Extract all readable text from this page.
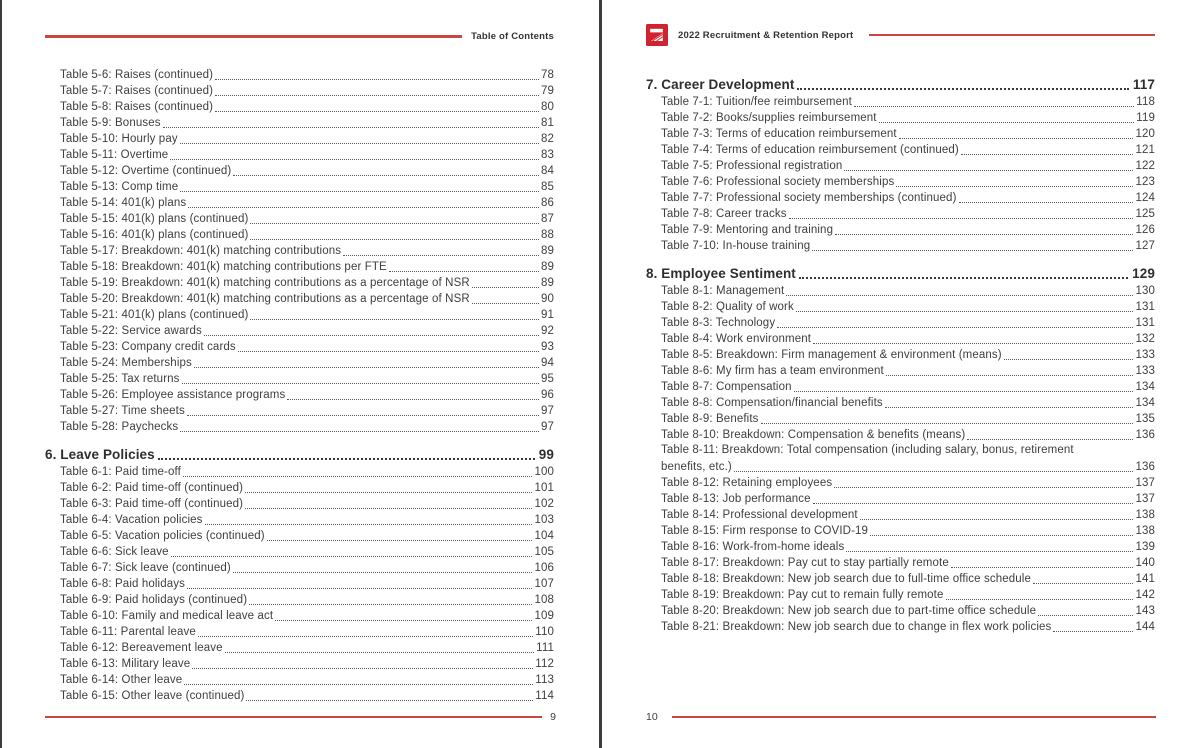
Table of Contents
Table 5-6: Raises (continued)	78
Table 5-7: Raises (continued)	79
Table 5-8: Raises (continued)	80
Table 5-9: Bonuses	81
Table 5-10: Hourly pay	82
Table 5-11: Overtime	83
Table 5-12: Overtime (continued)	84
Table 5-13: Comp time	85
Table 5-14: 401(k) plans	86
Table 5-15: 401(k) plans (continued)	87
Table 5-16: 401(k) plans (continued)	88
Table 5-17: Breakdown: 401(k) matching contributions	89
Table 5-18: Breakdown: 401(k) matching contributions per FTE	89
Table 5-19: Breakdown: 401(k) matching contributions as a percentage of NSR	89
Table 5-20: Breakdown: 401(k) matching contributions as a percentage of NSR	90
Table 5-21: 401(k) plans (continued)	91
Table 5-22: Service awards	92
Table 5-23: Company credit cards	93
Table 5-24: Memberships	94
Table 5-25: Tax returns	95
Table 5-26: Employee assistance programs	96
Table 5-27: Time sheets	97
Table 5-28: Paychecks	97
6. Leave Policies	99
Table 6-1: Paid time-off	100
Table 6-2: Paid time-off (continued)	101
Table 6-3: Paid time-off (continued)	102
Table 6-4: Vacation policies	103
Table 6-5: Vacation policies (continued)	104
Table 6-6: Sick leave	105
Table 6-7: Sick leave (continued)	106
Table 6-8: Paid holidays	107
Table 6-9: Paid holidays (continued)	108
Table 6-10: Family and medical leave act	109
Table 6-11: Parental leave	110
Table 6-12: Bereavement leave	111
Table 6-13: Military leave	112
Table 6-14: Other leave	113
Table 6-15: Other leave (continued)	114
9
2022 Recruitment & Retention Report
7. Career Development	117
Table 7-1: Tuition/fee reimbursement	118
Table 7-2: Books/supplies reimbursement	119
Table 7-3: Terms of education reimbursement	120
Table 7-4: Terms of education reimbursement (continued)	121
Table 7-5: Professional registration	122
Table 7-6: Professional society memberships	123
Table 7-7: Professional society memberships (continued)	124
Table 7-8: Career tracks	125
Table 7-9: Mentoring and training	126
Table 7-10: In-house training	127
8. Employee Sentiment	129
Table 8-1: Management	130
Table 8-2: Quality of work	131
Table 8-3: Technology	131
Table 8-4: Work environment	132
Table 8-5: Breakdown: Firm management & environment (means)	133
Table 8-6: My firm has a team environment	133
Table 8-7: Compensation	134
Table 8-8: Compensation/financial benefits	134
Table 8-9: Benefits	135
Table 8-10: Breakdown: Compensation & benefits (means)	136
Table 8-11: Breakdown: Total compensation (including salary, bonus, retirement
benefits, etc.)	136
Table 8-12: Retaining employees	137
Table 8-13: Job performance	137
Table 8-14: Professional development	138
Table 8-15: Firm response to COVID-19	138
Table 8-16: Work-from-home ideals	139
Table 8-17: Breakdown: Pay cut to stay partially remote	140
Table 8-18: Breakdown: New job search due to full-time office schedule	141
Table 8-19: Breakdown: Pay cut to remain fully remote	142
Table 8-20: Breakdown: New job search due to part-time office schedule	143
Table 8-21: Breakdown: New job search due to change in flex work policies	144
10
